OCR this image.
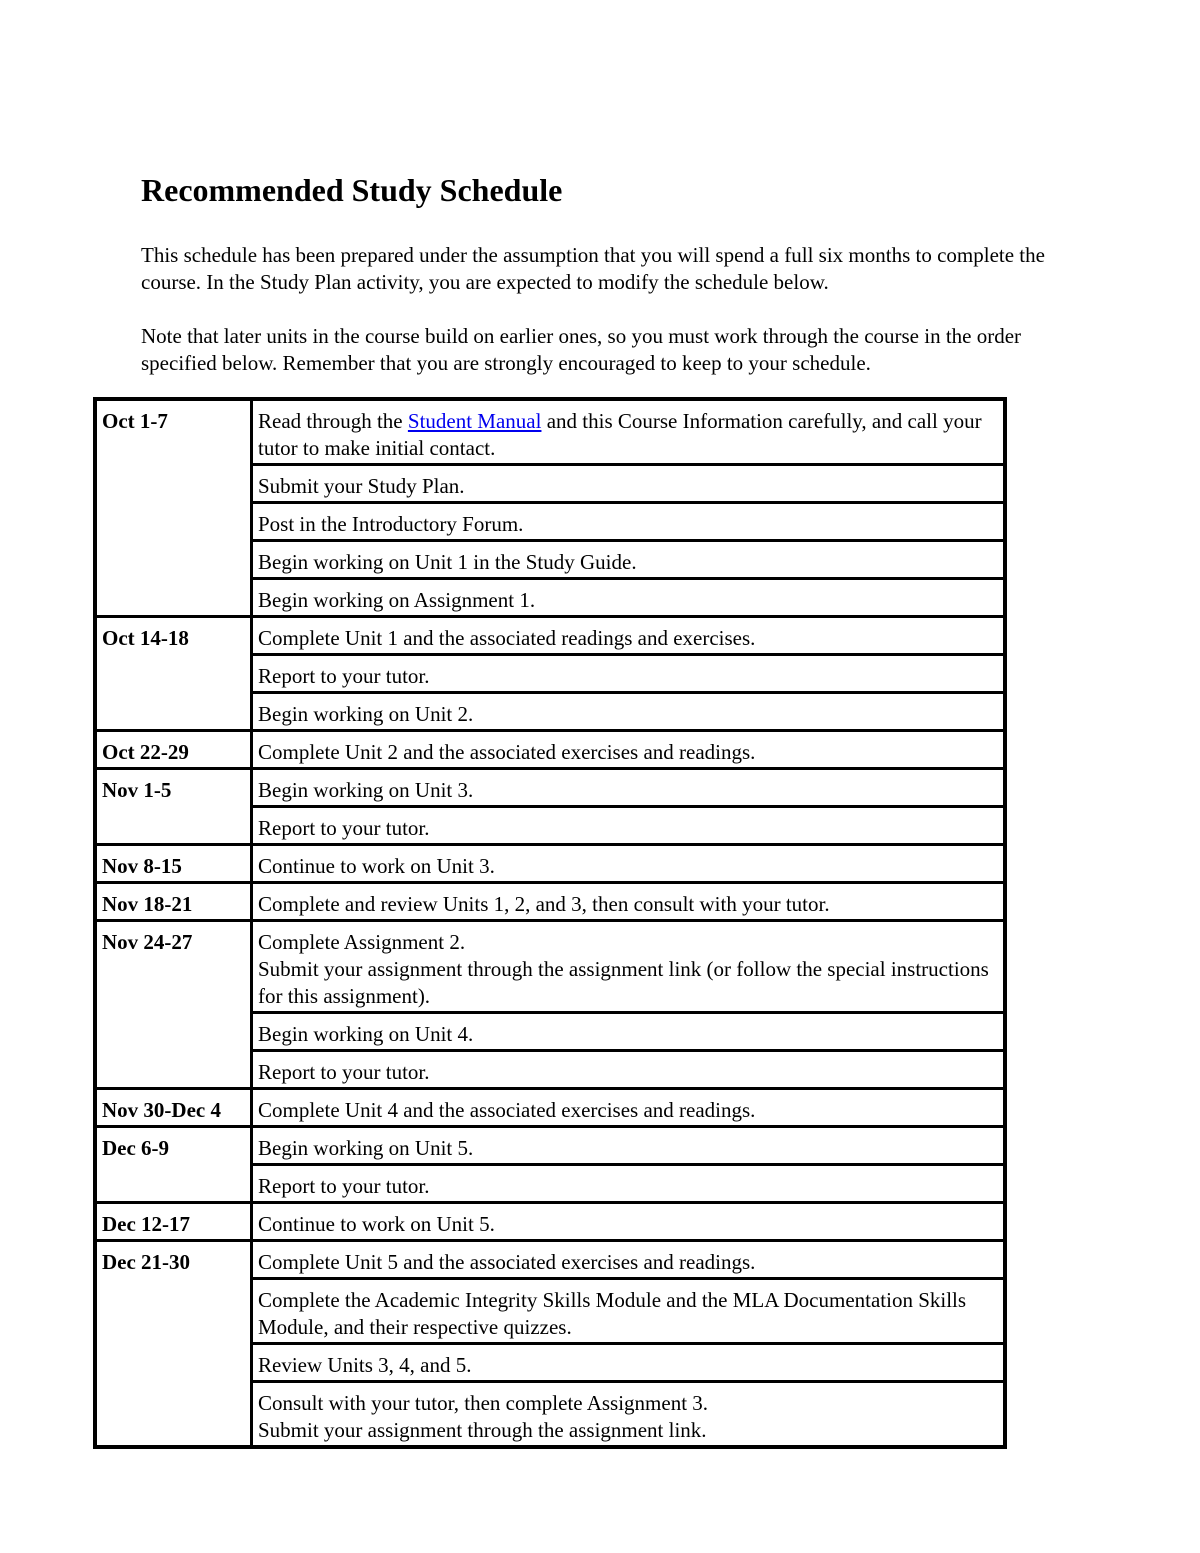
Recommended Study Schedule

This schedule has been prepared under the assumption that you will spend a full six months to complete the course. In the Study Plan activity, you are expected to modify the schedule below.

Note that later units in the course build on earlier ones, so you must work through the course in the order specified below. Remember that you are strongly encouraged to keep to your schedule.

Oct 1-7	Read through the Student Manual and this Course Information carefully, and call your tutor to make initial contact.

	Submit your Study Plan.

	Post in the Introductory Forum.

	Begin working on Unit 1 in the Study Guide.

	Begin working on Assignment 1.

Oct 14-18	Complete Unit 1 and the associated readings and exercises.

	Report to your tutor.

	Begin working on Unit 2.

Oct 22-29	Complete Unit 2 and the associated exercises and readings.

Nov 1-5	Begin working on Unit 3.

	Report to your tutor.

Nov 8-15	Continue to work on Unit 3.

Nov 18-21	Complete and review Units 1, 2, and 3, then consult with your tutor.

Nov 24-27	Complete Assignment 2.
Submit your assignment through the assignment link (or follow the special instructions for this assignment).

	Begin working on Unit 4.

	Report to your tutor.

Nov 30-Dec 4	Complete Unit 4 and the associated exercises and readings.

Dec 6-9	Begin working on Unit 5.

	Report to your tutor.

Dec 12-17	Continue to work on Unit 5.

Dec 21-30	Complete Unit 5 and the associated exercises and readings.

	Complete the Academic Integrity Skills Module and the MLA Documentation Skills Module, and their respective quizzes.

	Review Units 3, 4, and 5.

	Consult with your tutor, then complete Assignment 3.
Submit your assignment through the assignment link.
